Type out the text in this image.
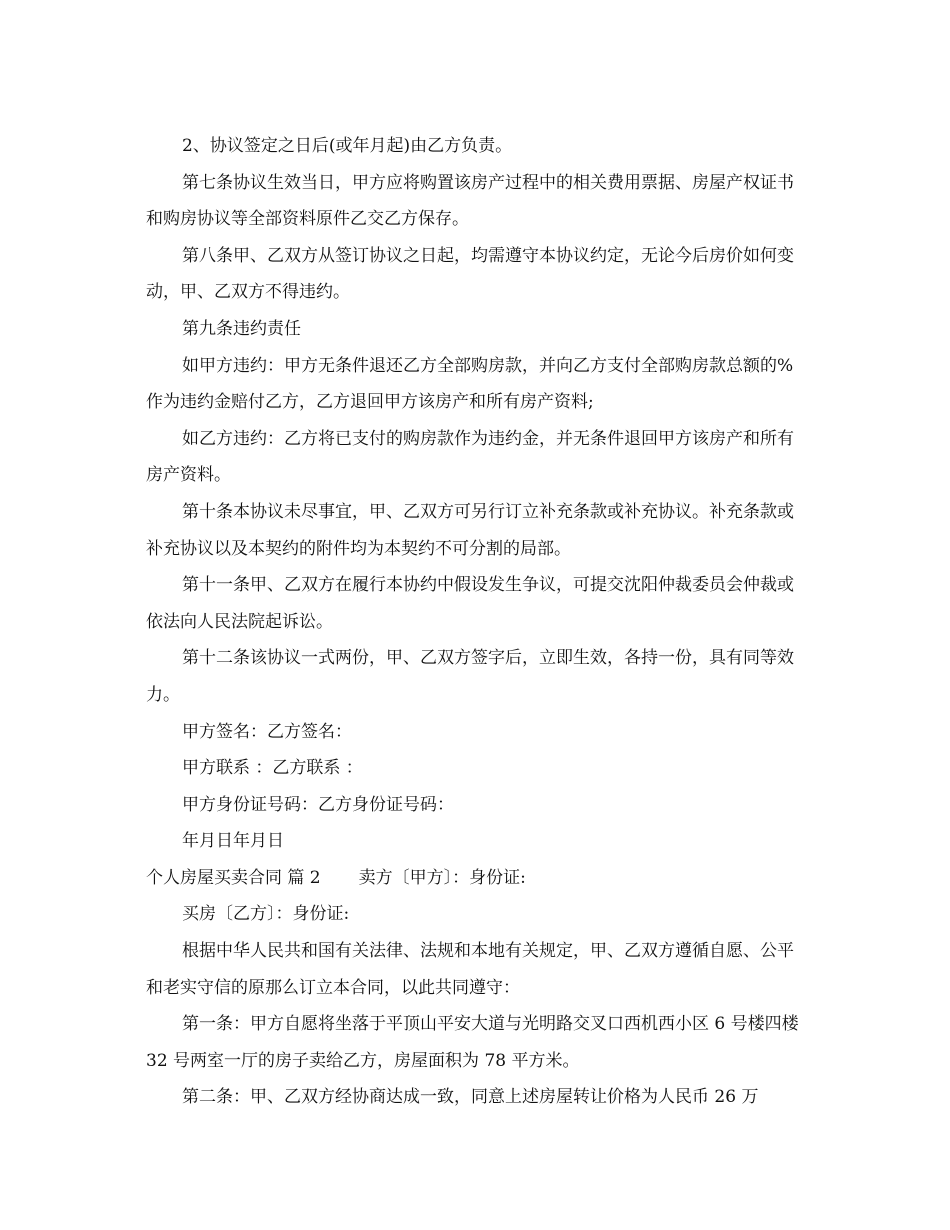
2、协议签定之日后(或年月起)由乙方负责。

第七条协议生效当日，甲方应将购置该房产过程中的相关费用票据、房屋产权证书和购房协议等全部资料原件乙交乙方保存。

第八条甲、乙双方从签订协议之日起，均需遵守本协议约定，无论今后房价如何变动，甲、乙双方不得违约。

第九条违约责任

如甲方违约：甲方无条件退还乙方全部购房款，并向乙方支付全部购房款总额的%作为违约金赔付乙方，乙方退回甲方该房产和所有房产资料;

如乙方违约：乙方将已支付的购房款作为违约金，并无条件退回甲方该房产和所有房产资料。

第十条本协议未尽事宜，甲、乙双方可另行订立补充条款或补充协议。补充条款或补充协议以及本契约的附件均为本契约不可分割的局部。

第十一条甲、乙双方在履行本协约中假设发生争议，可提交沈阳仲裁委员会仲裁或依法向人民法院起诉讼。

第十二条该协议一式两份，甲、乙双方签字后，立即生效，各持一份，具有同等效力。

甲方签名：乙方签名：

甲方联系 ：乙方联系 ：

甲方身份证号码：乙方身份证号码：

年月日年月日

个人房屋买卖合同 篇 2 卖方〔甲方〕：身份证:

买房〔乙方〕：身份证:

根据中华人民共和国有关法律、法规和本地有关规定，甲、乙双方遵循自愿、公平和老实守信的原那么订立本合同，以此共同遵守：

第一条：甲方自愿将坐落于平顶山平安大道与光明路交叉口西机西小区 6 号楼四楼 32 号两室一厅的房子卖给乙方，房屋面积为 78 平方米。

第二条：甲、乙双方经协商达成一致，同意上述房屋转让价格为人民币 26 万
